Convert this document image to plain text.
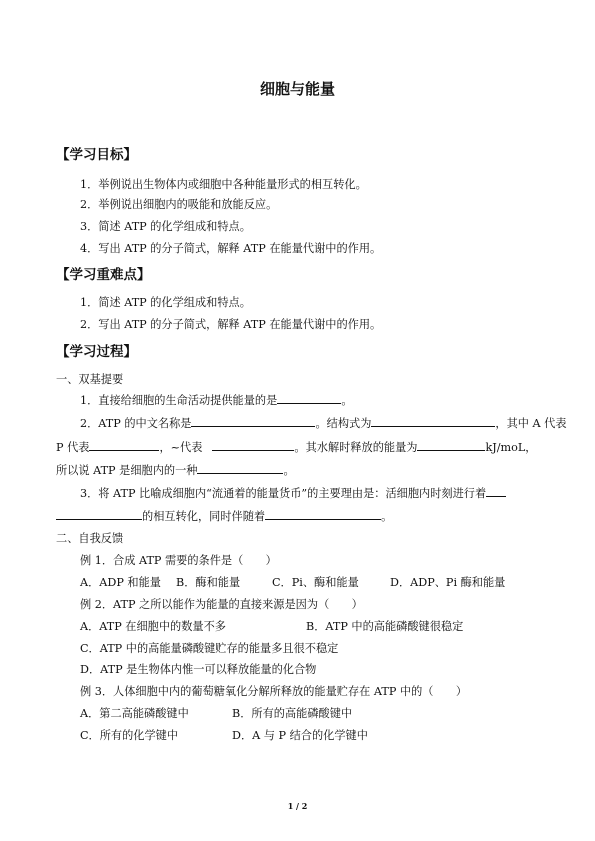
细胞与能量
【学习目标】
1．举例说出生物体内或细胞中各种能量形式的相互转化。
2．举例说出细胞内的吸能和放能反应。
3．简述 ATP 的化学组成和特点。
4．写出 ATP 的分子简式，解释 ATP 在能量代谢中的作用。
【学习重难点】
1．简述 ATP 的化学组成和特点。
2．写出 ATP 的分子简式，解释 ATP 在能量代谢中的作用。
【学习过程】
一、双基提要
1．直接给细胞的生命活动提供能量的是	。
2．ATP 的中文名称是	。结构式为	，其中 A 代表
P 代表	，~代表	。其水解时释放的能量为	kJ/moL，
所以说 ATP 是细胞内的一种	。
3．将 ATP 比喻成细胞内“流通着的能量货币”的主要理由是：活细胞内时刻进行着
的相互转化，同时伴随着	。
二、自我反馈
例 1．合成 ATP 需要的条件是（　　）
A．ADP 和能量 B．酶和能量	C．Pi、酶和能量	D．ADP、Pi 酶和能量
例 2．ATP 之所以能作为能量的直接来源是因为（　　）
A．ATP 在细胞中的数量不多	B．ATP 中的高能磷酸键很稳定
C．ATP 中的高能量磷酸键贮存的能量多且很不稳定
D．ATP 是生物体内惟一可以释放能量的化合物
例 3．人体细胞中内的葡萄糖氧化分解所释放的能量贮存在 ATP 中的（　　）
A．第二高能磷酸键中	B．所有的高能磷酸键中
C．所有的化学键中	D．A 与 P 结合的化学键中
1 / 2
